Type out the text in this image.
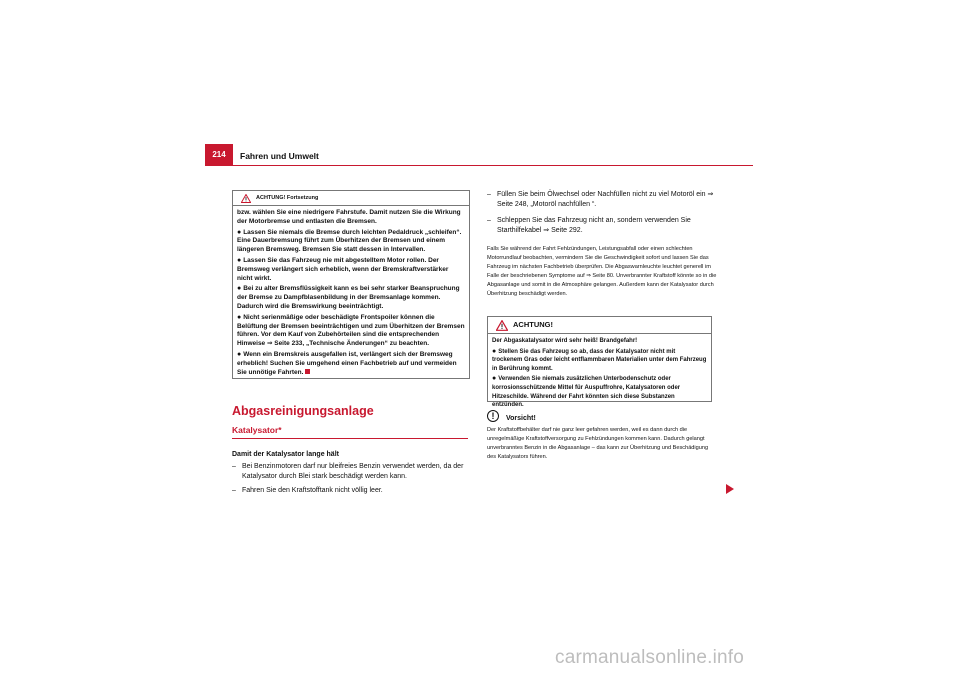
214	Fahren und Umwelt
ACHTUNG! Fortsetzung

bzw. wählen Sie eine niedrigere Fahrstufe. Damit nutzen Sie die Wirkung der Motorbremse und entlasten die Bremsen.

● Lassen Sie niemals die Bremse durch leichten Pedaldruck „schleifen“. Eine Dauerbremsung führt zum Überhitzen der Bremsen und einem längeren Bremsweg. Bremsen Sie statt dessen in Intervallen.

● Lassen Sie das Fahrzeug nie mit abgestelltem Motor rollen. Der Bremsweg verlängert sich erheblich, wenn der Bremskraftverstärker nicht wirkt.

● Bei zu alter Bremsflüssigkeit kann es bei sehr starker Beanspruchung der Bremse zu Dampfblasenbildung in der Bremsanlage kommen. Dadurch wird die Bremswirkung beeinträchtigt.

● Nicht serienmäßige oder beschädigte Frontspoiler können die Belüftung der Bremsen beeinträchtigen und zum Überhitzen der Bremsen führen. Vor dem Kauf von Zubehörteilen sind die entsprechenden Hinweise ⇒ Seite 233, „Technische Änderungen“ zu beachten.

● Wenn ein Bremskreis ausgefallen ist, verlängert sich der Bremsweg erheblich! Suchen Sie umgehend einen Fachbetrieb auf und vermeiden Sie unnötige Fahrten.

Abgasreinigungsanlage
Katalysator*
Damit der Katalysator lange hält
– Bei Benzinmotoren darf nur bleifreies Benzin verwendet werden, da der Katalysator durch Blei stark beschädigt werden kann.
– Fahren Sie den Kraftstofftank nicht völlig leer.
– Füllen Sie beim Ölwechsel oder Nachfüllen nicht zu viel Motoröl ein ⇒ Seite 248, „Motoröl nachfüllen “.
– Schleppen Sie das Fahrzeug nicht an, sondern verwenden Sie Starthilfekabel ⇒ Seite 292.
Falls Sie während der Fahrt Fehlzündungen, Leistungsabfall oder einen schlechten Motorrundlauf beobachten, vermindern Sie die Geschwindigkeit sofort und lassen Sie das Fahrzeug im nächsten Fachbetrieb überprüfen. Die Abgaswarnleuchte leuchtet generell im Falle der beschriebenen Symptome auf ⇒ Seite 80. Unverbrannter Kraftstoff könnte so in die Abgasanlage und somit in die Atmosphäre gelangen. Außerdem kann der Katalysator durch Überhitzung beschädigt werden.
ACHTUNG!

Der Abgaskatalysator wird sehr heiß! Brandgefahr!

● Stellen Sie das Fahrzeug so ab, dass der Katalysator nicht mit trockenem Gras oder leicht entflammbaren Materialien unter dem Fahrzeug in Berührung kommt.

● Verwenden Sie niemals zusätzlichen Unterbodenschutz oder korrosionsschützende Mittel für Auspuffrohre, Katalysatoren oder Hitzeschilde. Während der Fahrt könnten sich diese Substanzen entzünden.

!	Vorsicht!
Der Kraftstoffbehälter darf nie ganz leer gefahren werden, weil es dann durch die unregelmäßige Kraftstoffversorgung zu Fehlzündungen kommen kann. Dadurch gelangt unverbranntes Benzin in die Abgasanlage – das kann zur Überhitzung und Beschädigung des Katalysators führen.
carmanualsonline.info
